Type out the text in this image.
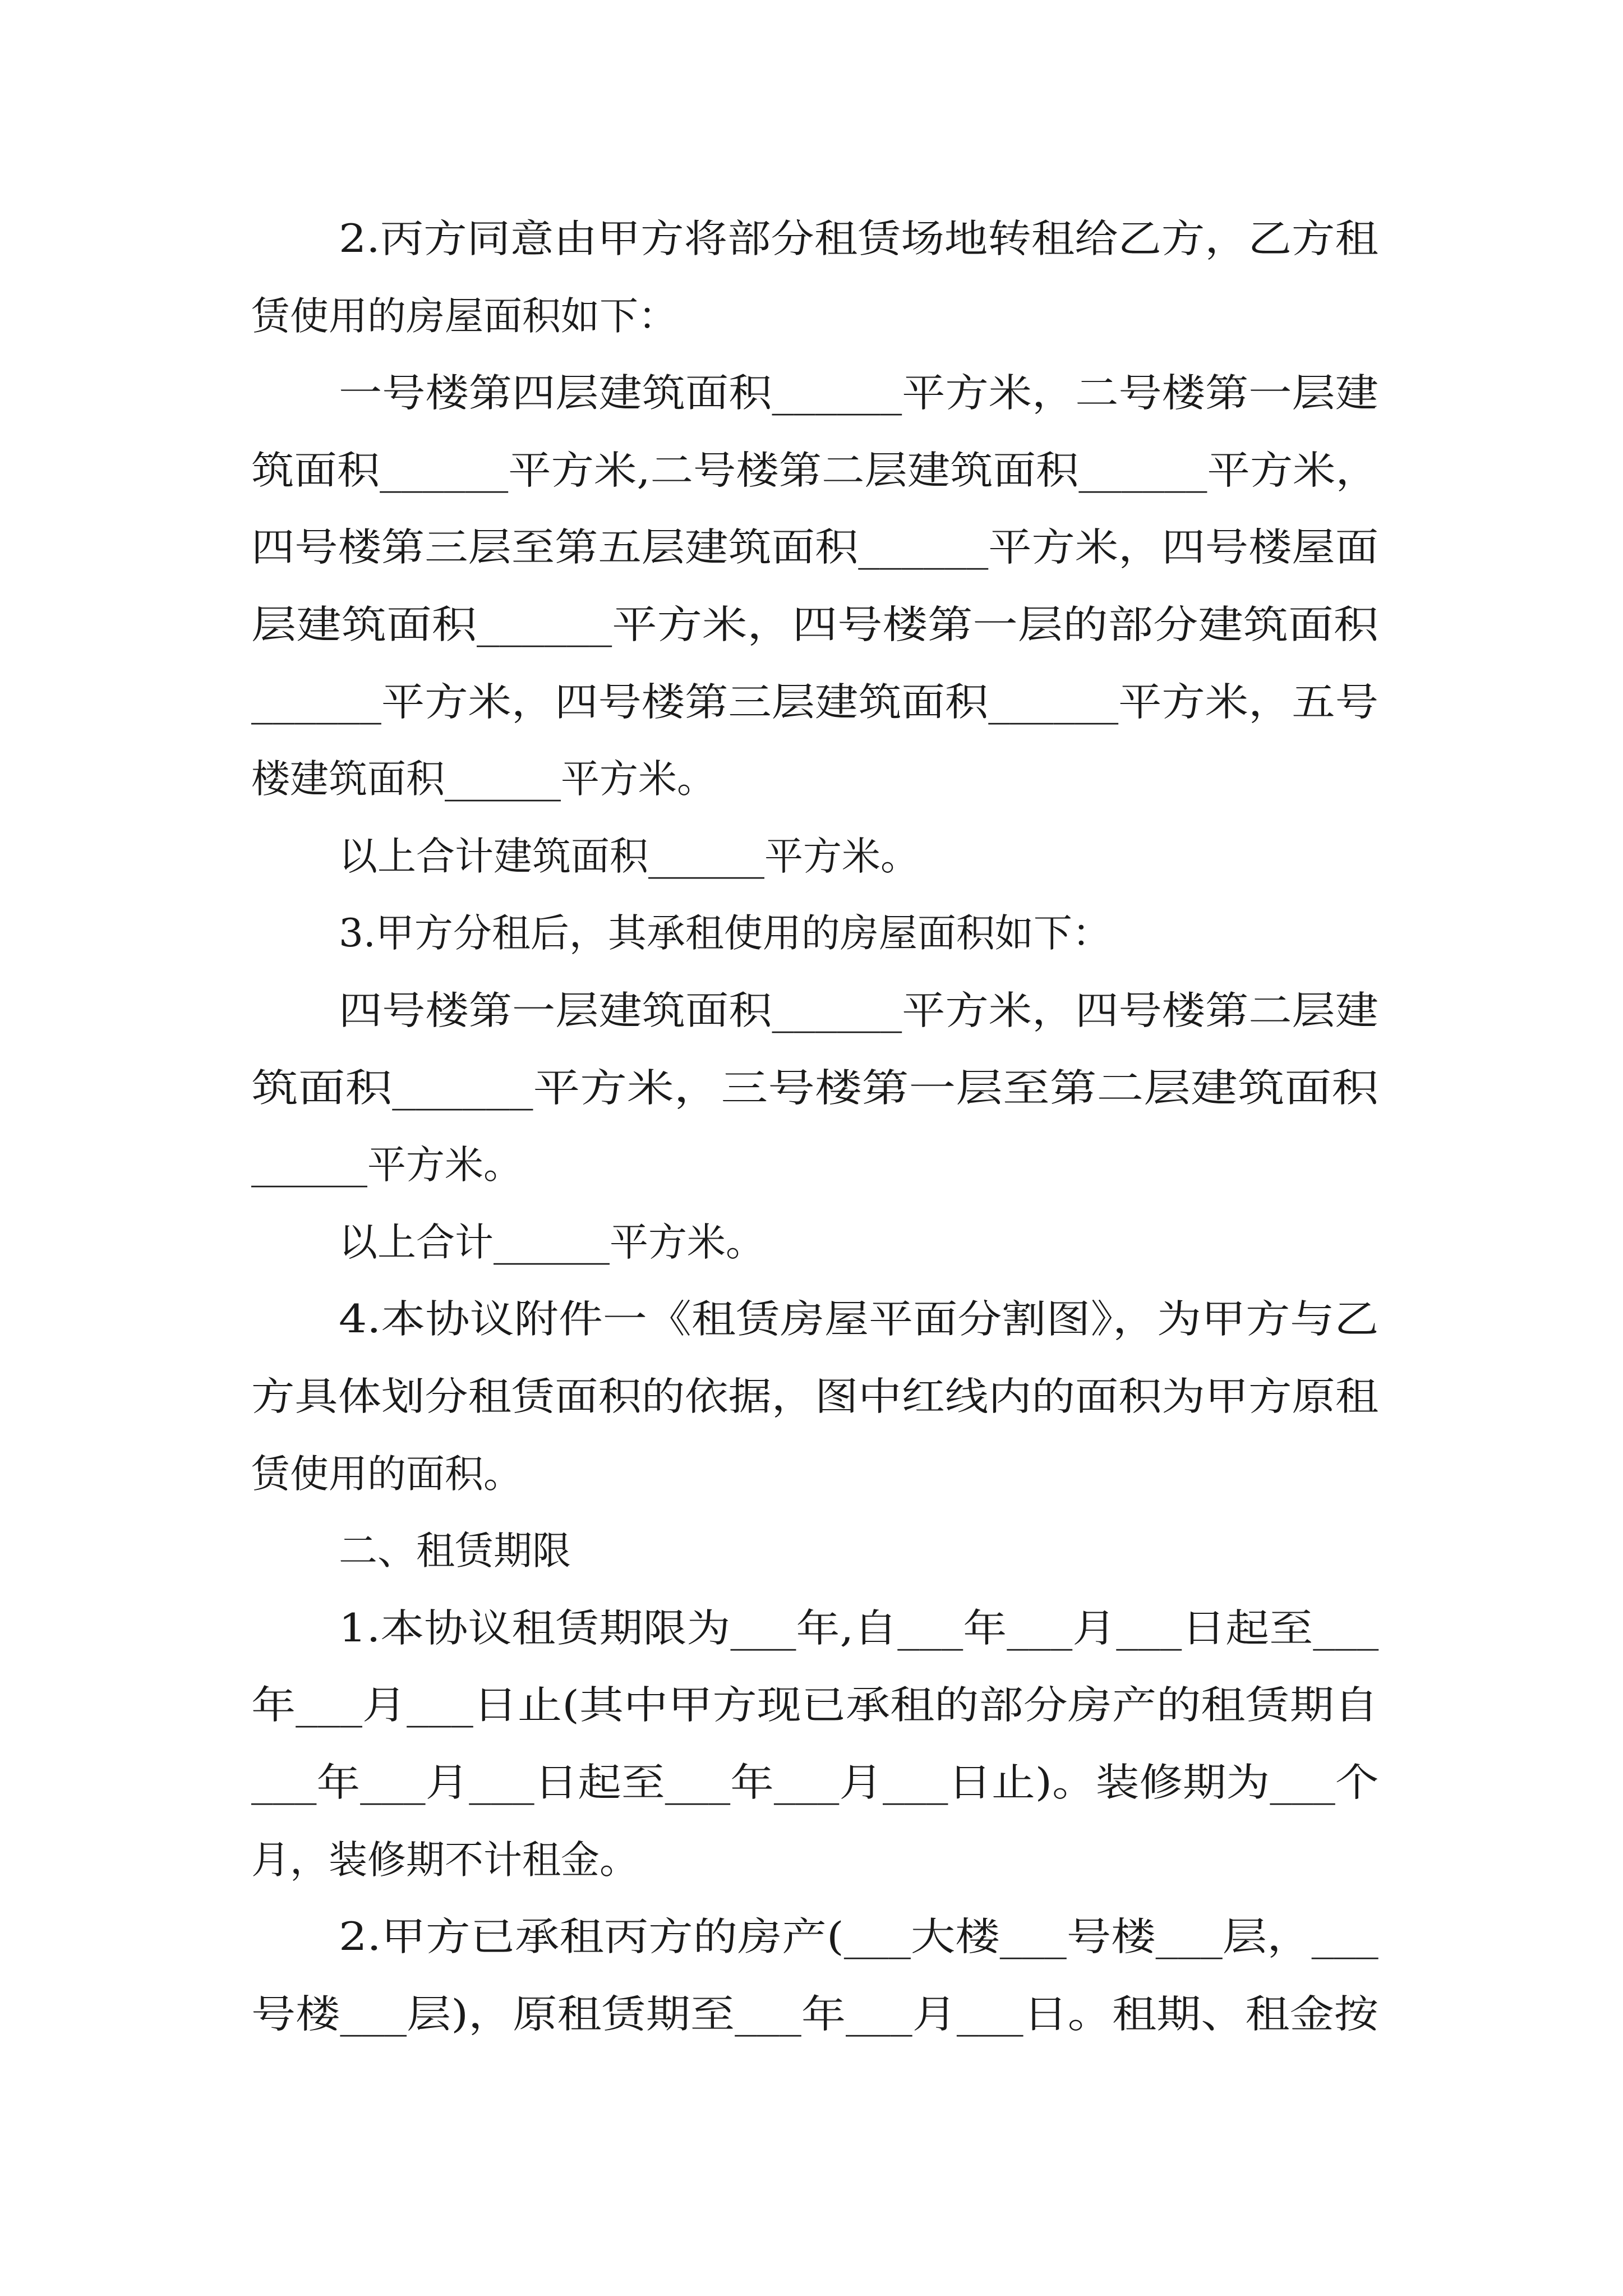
2.丙方同意由甲方将部分租赁场地转租给乙方，乙方租

赁使用的房屋面积如下：

一号楼第四层建筑面积______平方米，二号楼第一层建

筑面积______平方米,二号楼第二层建筑面积______平方米，

四号楼第三层至第五层建筑面积______平方米，四号楼屋面

层建筑面积______平方米，四号楼第一层的部分建筑面积

______平方米，四号楼第三层建筑面积______平方米，五号

楼建筑面积______平方米。

以上合计建筑面积______平方米。

3.甲方分租后，其承租使用的房屋面积如下：

四号楼第一层建筑面积______平方米，四号楼第二层建

筑面积______平方米，三号楼第一层至第二层建筑面积

______平方米。

以上合计______平方米。

4.本协议附件一《租赁房屋平面分割图》，为甲方与乙

方具体划分租赁面积的依据，图中红线内的面积为甲方原租

赁使用的面积。

二、租赁期限

1.本协议租赁期限为___年,自___年___月___日起至___

年___月___日止(其中甲方现已承租的部分房产的租赁期自

___年___月___日起至___年___月___日止)。装修期为___个

月，装修期不计租金。

2.甲方已承租丙方的房产(___大楼___号楼___层，___

号楼___层)，原租赁期至___年___月___日。租期、租金按
